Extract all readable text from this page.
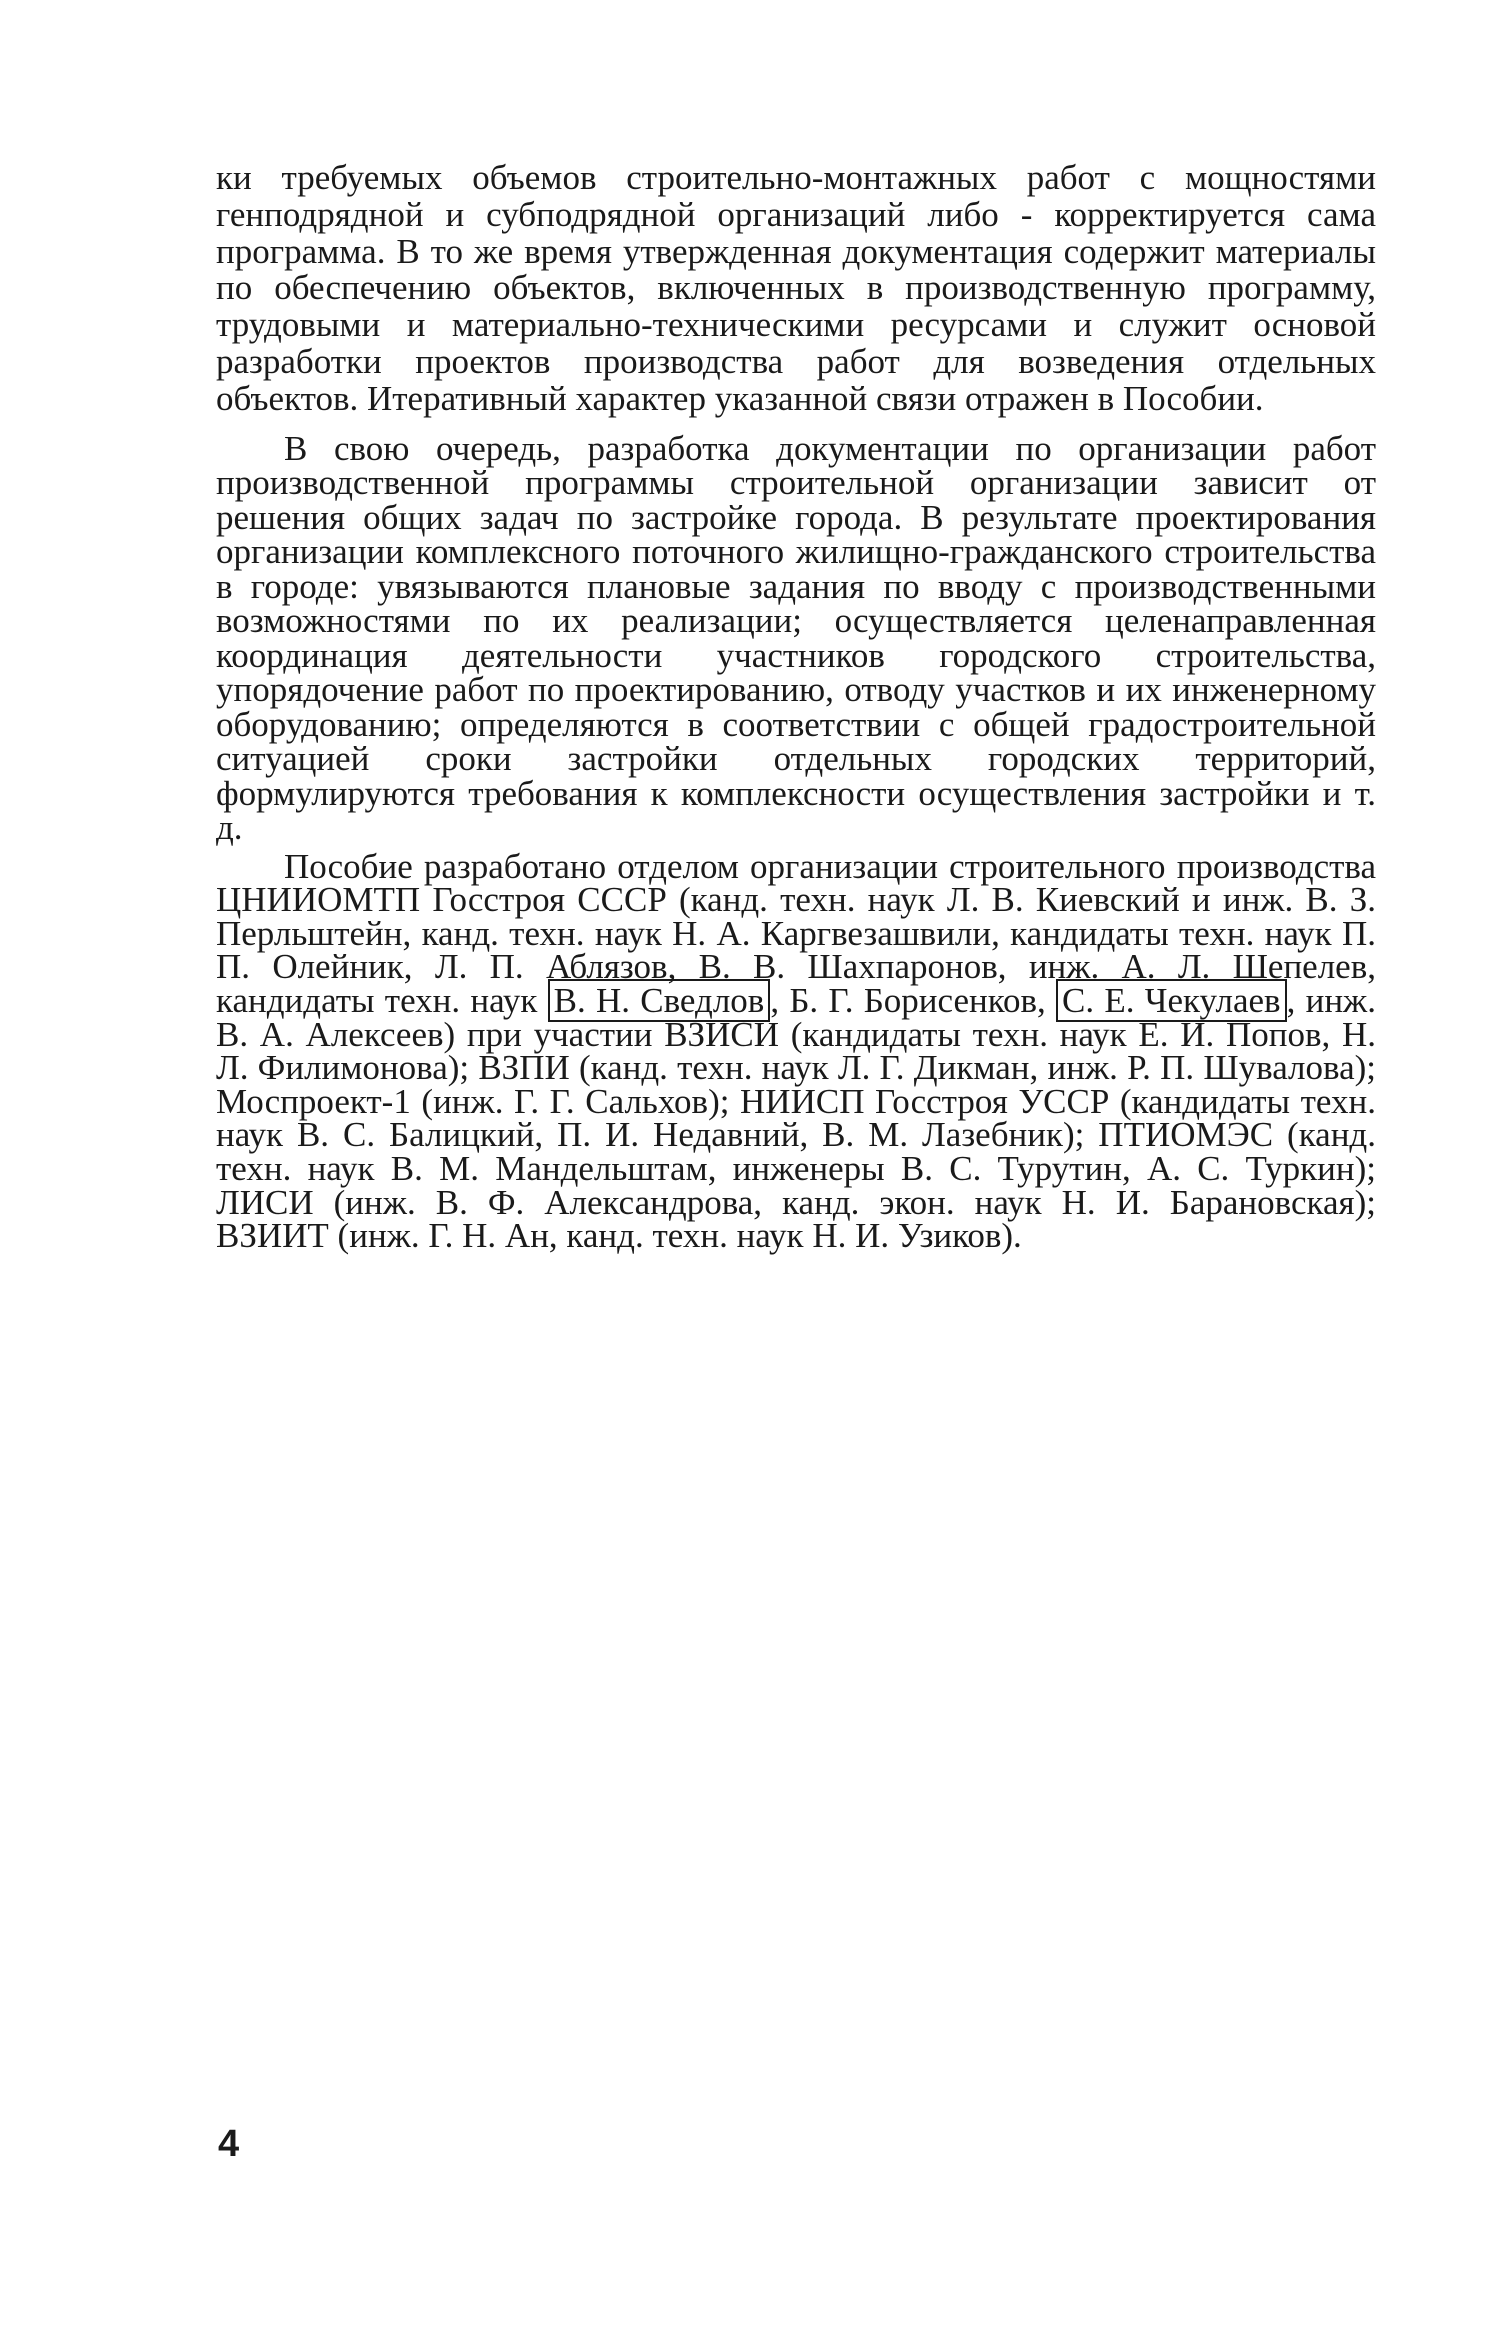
ки требуемых объемов строительно-монтажных работ с мощностями генподрядной и субподрядной организаций либо - корректируется сама программа. В то же время утвержденная документация содержит материалы по обеспечению объектов, включенных в производственную программу, трудовыми и материально-техническими ресурсами и служит основой разработки проектов производства работ для возведения отдельных объектов. Итеративный характер указанной связи отражен в Пособии.

В свою очередь, разработка документации по организации работ производственной программы строительной организации зависит от решения общих задач по застройке города. В результате проектирования организации комплексного поточного жилищно-гражданского строительства в городе: увязываются плановые задания по вводу с производственными возможностями по их реализации; осуществляется целенаправленная координация деятельности участников городского строительства, упорядочение работ по проектированию, отводу участков и их инженерному оборудованию; определяются в соответствии с общей градостроительной ситуацией сроки застройки отдельных городских территорий, формулируются требования к комплексности осуществления застройки и т. д.

Пособие разработано отделом организации строительного производства ЦНИИОМТП Госстроя СССР (канд. техн. наук Л. В. Киевский и инж. В. З. Перльштейн, канд. техн. наук Н. А. Каргвезашвили, кандидаты техн. наук П. П. Олейник, Л. П. Аблязов, В. В. Шахпаронов, инж. А. Л. Шепелев, кандидаты техн. наук В. Н. Сведлов , Б. Г. Борисенков, С. Е. Чекулаев , инж. В. А. Алексеев) при участии ВЗИСИ (кандидаты техн. наук Е. И. Попов, Н. Л. Филимонова); ВЗПИ (канд. техн. наук Л. Г. Дикман, инж. Р. П. Шувалова); Моспроект-1 (инж. Г. Г. Сальхов); НИИСП Госстроя УССР (кандидаты техн. наук В. С. Балицкий, П. И. Недавний, В. М. Лазебник); ПТИОМЭС (канд. техн. наук В. М. Мандельштам, инженеры В. С. Турутин, А. С. Туркин); ЛИСИ (инж. В. Ф. Александрова, канд. экон. наук Н. И. Барановская); ВЗИИТ (инж. Г. Н. Ан, канд. техн. наук Н. И. Узиков).

4
